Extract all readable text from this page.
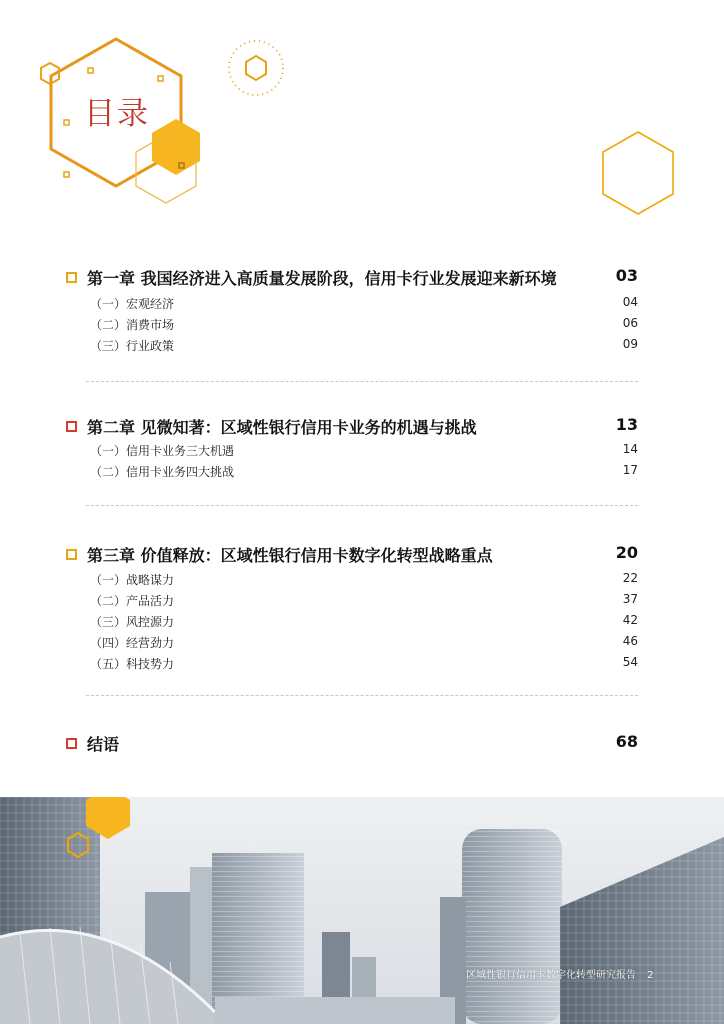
目录
第一章 我国经济进入高质量发展阶段，信用卡行业发展迎来新环境	03
（一）宏观经济	04
（二）消费市场	06
（三）行业政策	09
第二章 见微知著：区域性银行信用卡业务的机遇与挑战	13
（一）信用卡业务三大机遇	14
（二）信用卡业务四大挑战	17
第三章 价值释放：区域性银行信用卡数字化转型战略重点	20
（一）战略谋力	22
（二）产品活力	37
（三）风控源力	42
（四）经营劲力	46
（五）科技势力	54
结语	68
区域性银行信用卡数字化转型研究报告 2
